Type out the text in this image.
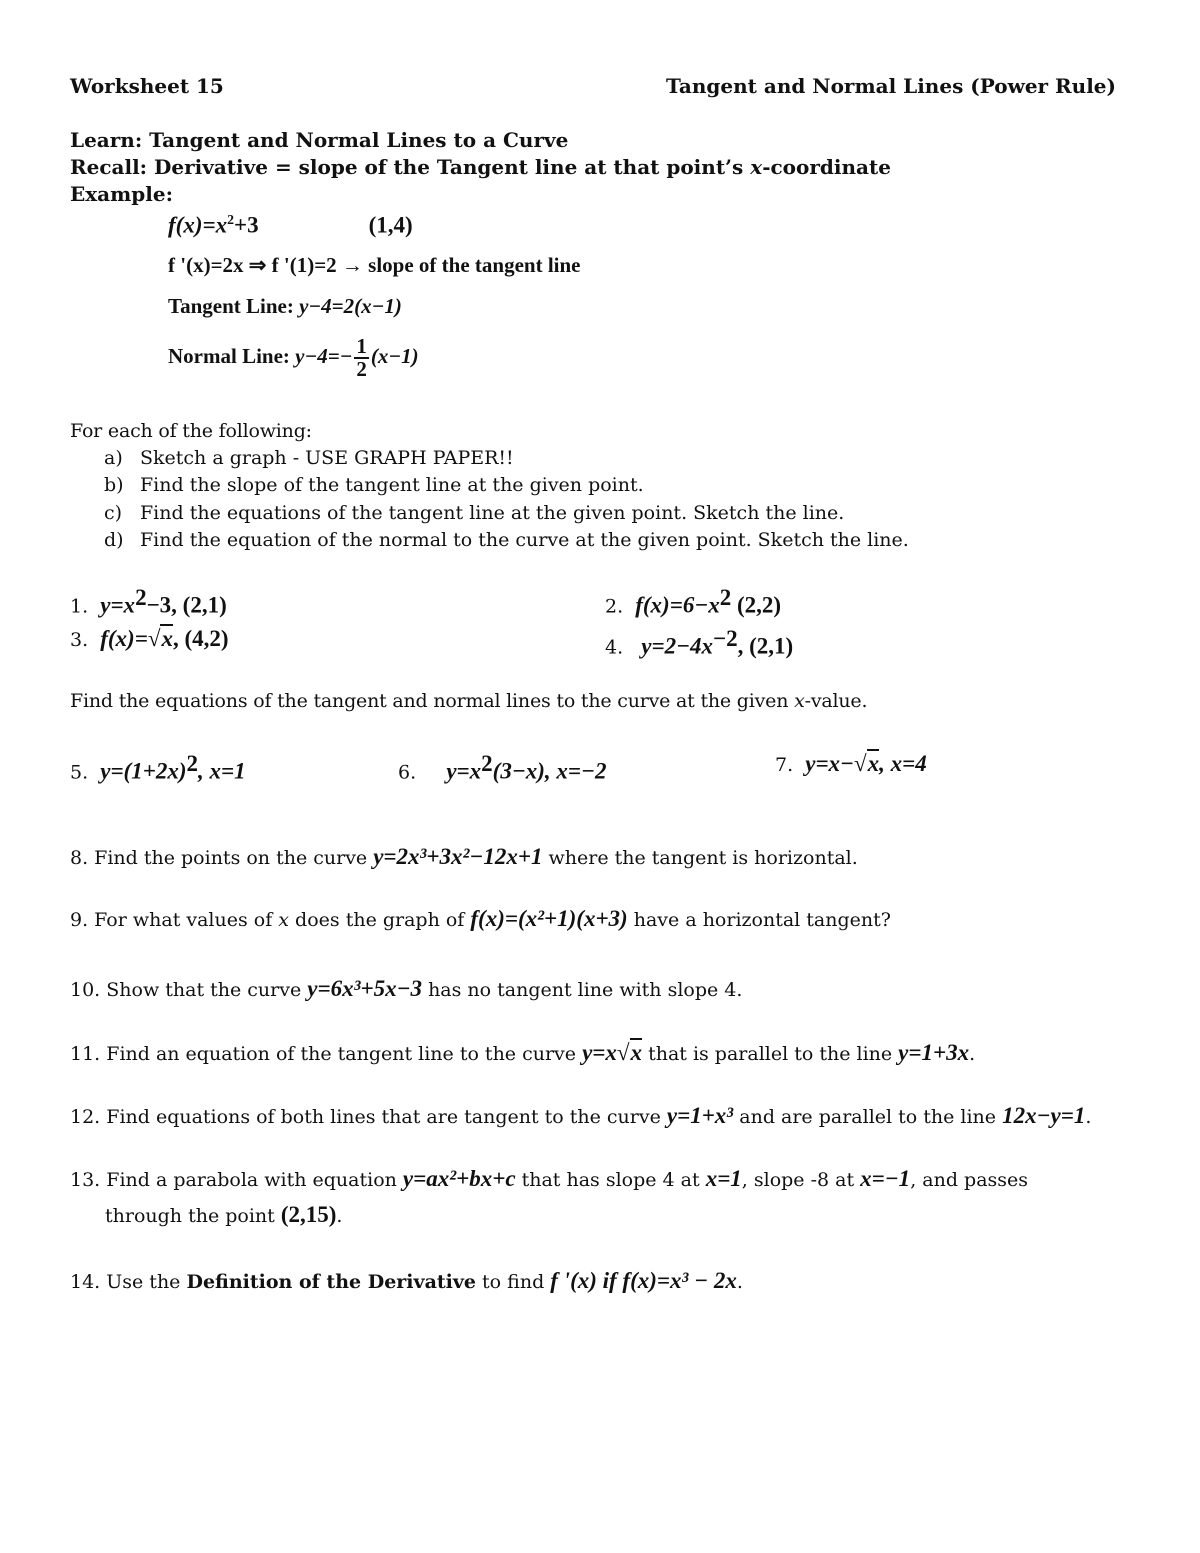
Worksheet 15	Tangent and Normal Lines (Power Rule)
Learn: Tangent and Normal Lines to a Curve
Recall: Derivative = slope of the Tangent line at that point’s x-coordinate
Example:
$f(x)=x^2+3$	(1,4)
f '(x)=2x ⇒ f '(1)=2 → slope of the tangent line
Tangent Line: y−4=2(x−1)
Normal Line: $y-4=- \frac{1}{2} (x-1)$
For each of the following:
a) Sketch a graph - USE GRAPH PAPER!!
b) Find the slope of the tangent line at the given point.
c) Find the equations of the tangent line at the given point. Sketch the line.
d) Find the equation of the normal to the curve at the given point. Sketch the line.
1. $y=x^2-3$, (2,1)	2. $f(x)=6-x^2$ (2,2)
3. f(x)=√x, (4,2)	4. $y=2-4x^{-2}$, (2,1)
Find the equations of the tangent and normal lines to the curve at the given x-value.
5. $y=(1+2x)^2$, x=1	6. $y=x^2(3-x)$, x=−2	7. y=x−√x, x=4
8. Find the points on the curve y=2x³+3x²−12x+1 where the tangent is horizontal.
9. For what values of x does the graph of f(x)=(x²+1)(x+3) have a horizontal tangent?
10. Show that the curve y=6x³+5x−3 has no tangent line with slope 4.
11. Find an equation of the tangent line to the curve y=x√x that is parallel to the line y=1+3x.
12. Find equations of both lines that are tangent to the curve y=1+x³ and are parallel to the line 12x−y=1.
13. Find a parabola with equation y=ax²+bx+c that has slope 4 at x=1, slope -8 at x=−1, and passes
through the point (2,15).
14. Use the Definition of the Derivative to find f '(x) if f(x)=x³ − 2x.
